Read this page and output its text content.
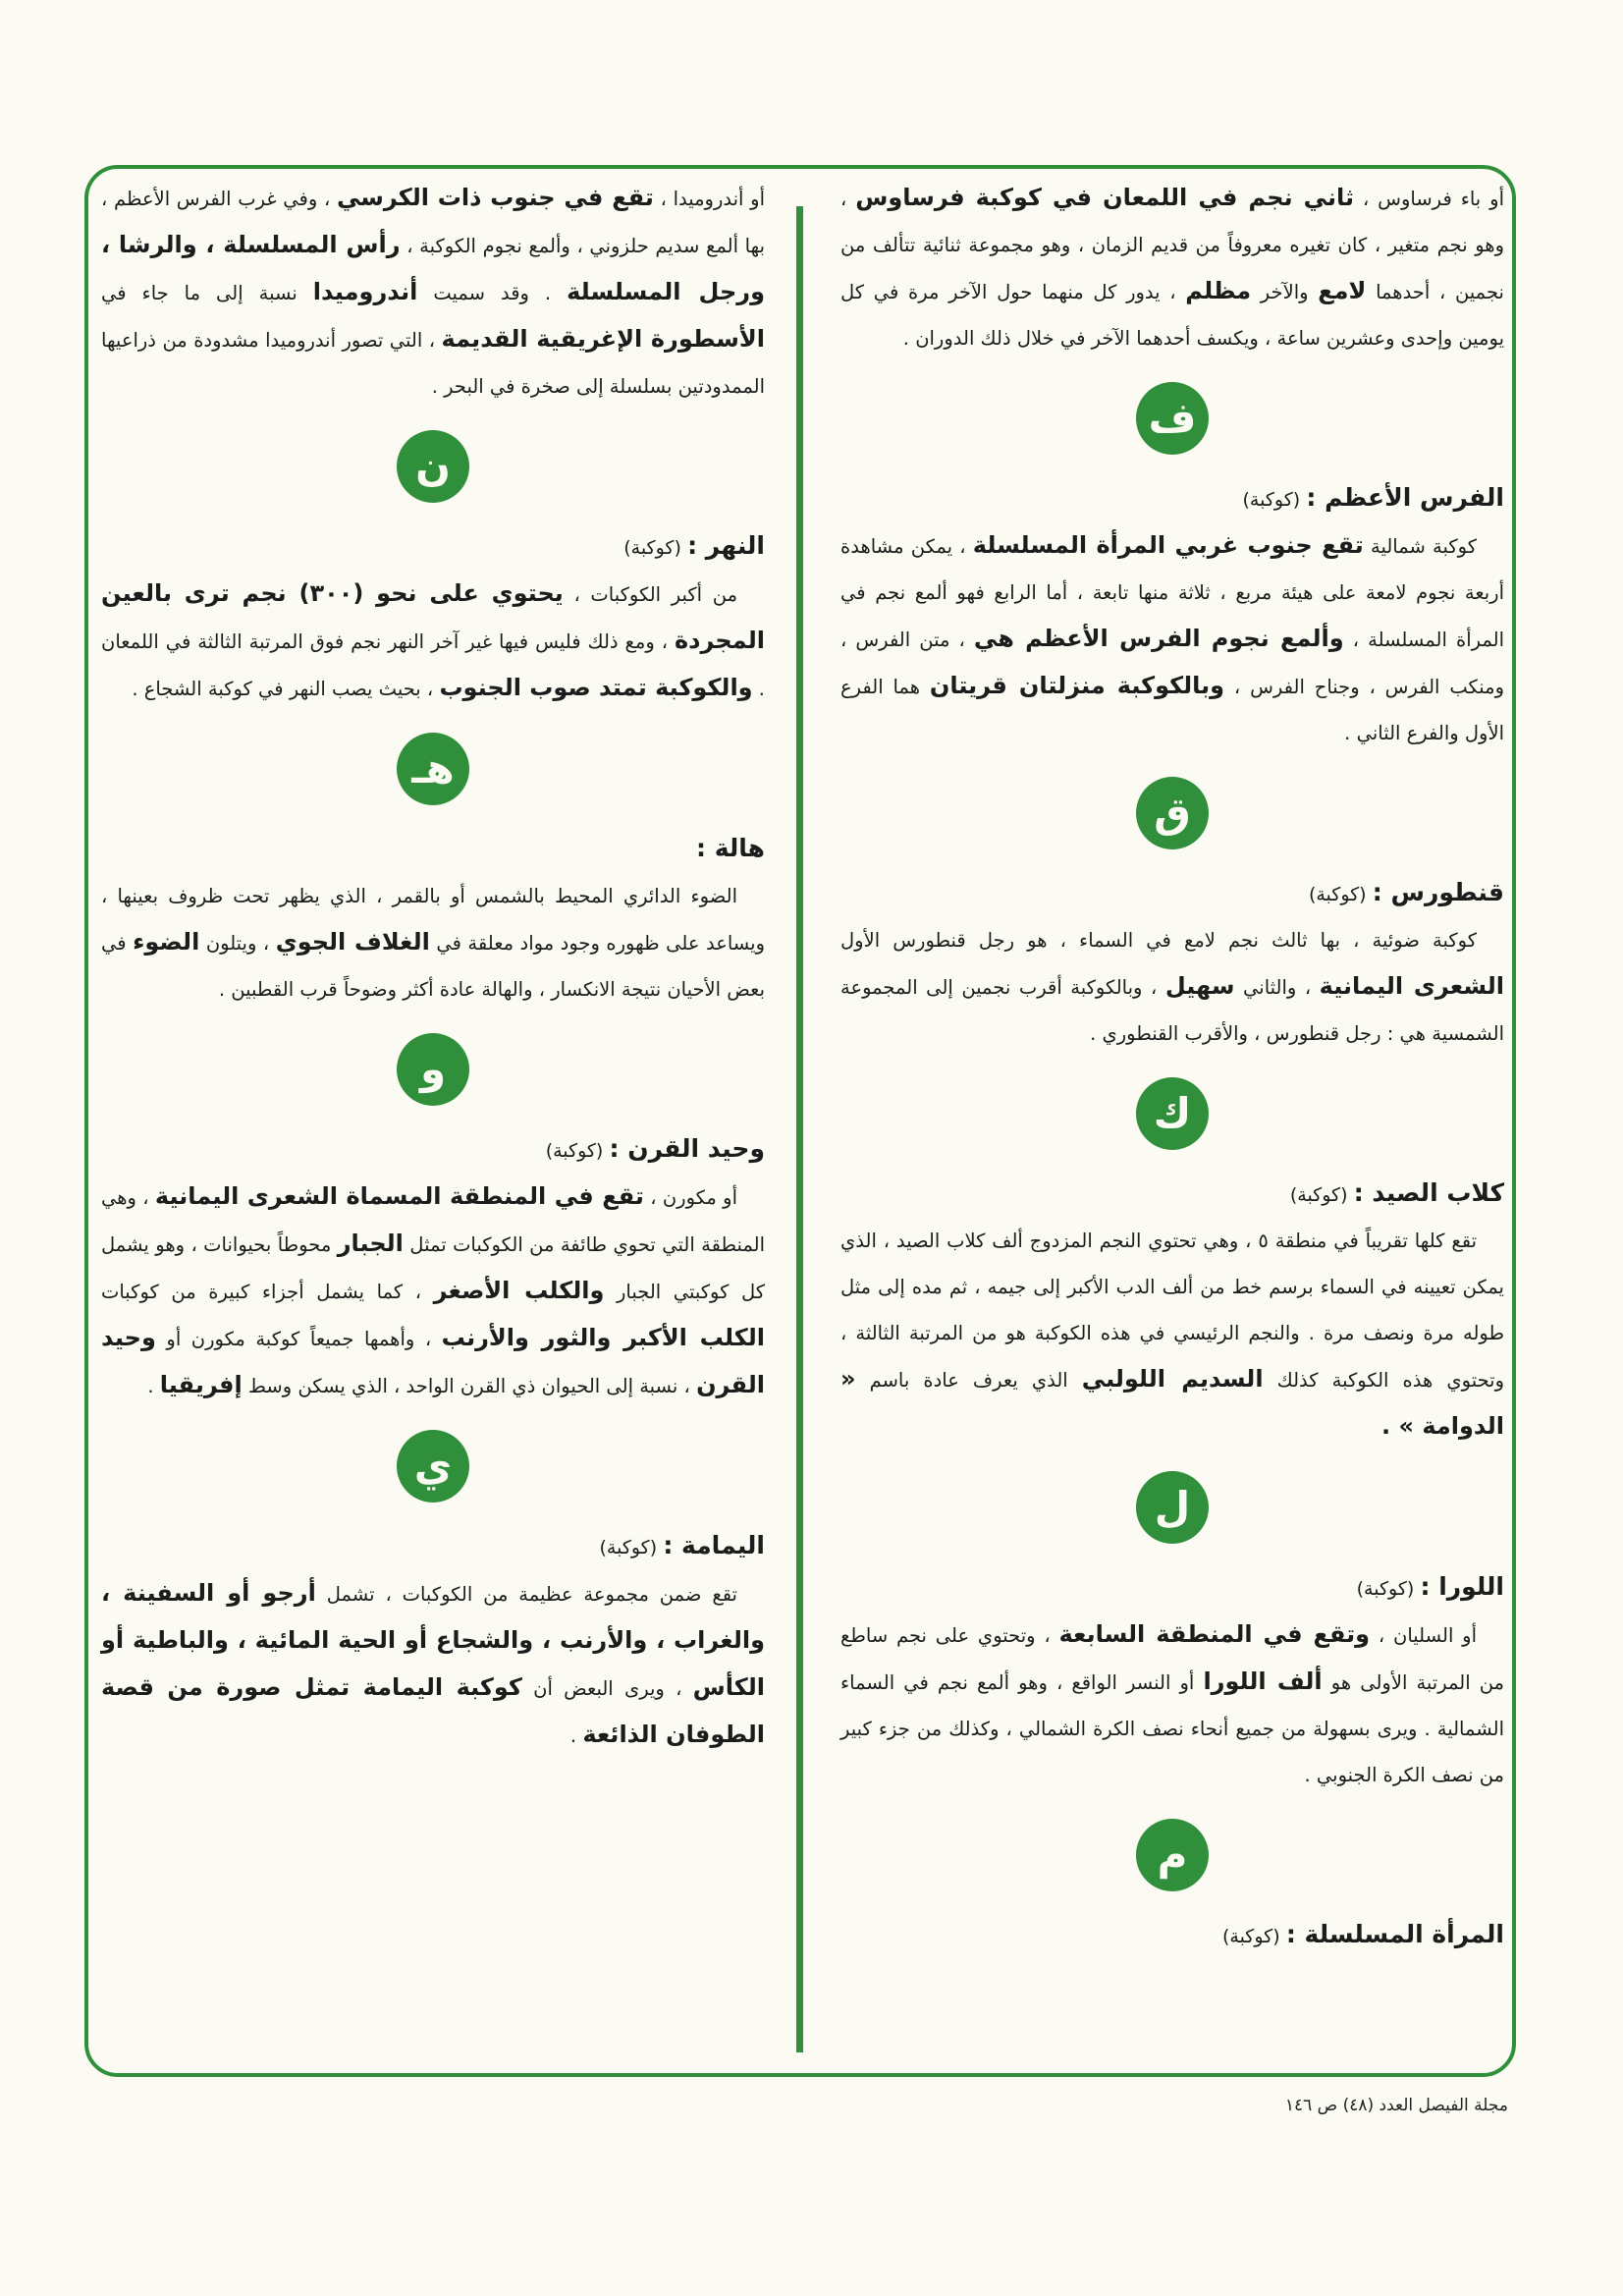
أو باء فرساوس ، ثاني نجم في اللمعان في كوكبة فرساوس ، وهو نجم متغير ، كان تغيره معروفاً من قديم الزمان ، وهو مجموعة ثنائية تتألف من نجمين ، أحدهما لامع والآخر مظلم ، يدور كل منهما حول الآخر مرة في كل يومين وإحدى وعشرين ساعة ، ويكسف أحدهما الآخر في خلال ذلك الدوران .

ف
الفرس الأعظم : (كوكبة)

كوكبة شمالية تقع جنوب غربي المرأة المسلسلة ، يمكن مشاهدة أربعة نجوم لامعة على هيئة مربع ، ثلاثة منها تابعة ، أما الرابع فهو ألمع نجم في المرأة المسلسلة ، وألمع نجوم الفرس الأعظم هي ، متن الفرس ، ومنكب الفرس ، وجناح الفرس ، وبالكوكبة منزلتان قريتان هما الفرع الأول والفرع الثاني .

ق
قنطورس : (كوكبة)

كوكبة ضوئية ، بها ثالث نجم لامع في السماء ، هو رجل قنطورس الأول الشعرى اليمانية ، والثاني سهيل ، وبالكوكبة أقرب نجمين إلى المجموعة الشمسية هي : رجل قنطورس ، والأقرب القنطوري .

ك
كلاب الصيد : (كوكبة)

تقع كلها تقريباً في منطقة ٥ ، وهي تحتوي النجم المزدوج ألف كلاب الصيد ، الذي يمكن تعيينه في السماء برسم خط من ألف الدب الأكبر إلى جيمه ، ثم مده إلى مثل طوله مرة ونصف مرة . والنجم الرئيسي في هذه الكوكبة هو من المرتبة الثالثة ، وتحتوي هذه الكوكبة كذلك السديم اللولبي الذي يعرف عادة باسم « الدوامة » .

ل
اللورا : (كوكبة)

أو السليان ، وتقع في المنطقة السابعة ، وتحتوي على نجم ساطع من المرتبة الأولى هو ألف اللورا أو النسر الواقع ، وهو ألمع نجم في السماء الشمالية . ويرى بسهولة من جميع أنحاء نصف الكرة الشمالي ، وكذلك من جزء كبير من نصف الكرة الجنوبي .

م
المرأة المسلسلة : (كوكبة)

أو أندروميدا ، تقع في جنوب ذات الكرسي ، وفي غرب الفرس الأعظم ، بها ألمع سديم حلزوني ، وألمع نجوم الكوكبة ، رأس المسلسلة ، والرشا ، ورجل المسلسلة . وقد سميت أندروميدا نسبة إلى ما جاء في الأسطورة الإغريقية القديمة ، التي تصور أندروميدا مشدودة من ذراعيها الممدودتين بسلسلة إلى صخرة في البحر .

ن
النهر : (كوكبة)

من أكبر الكوكبات ، يحتوي على نحو (٣٠٠) نجم ترى بالعين المجردة ، ومع ذلك فليس فيها غير آخر النهر نجم فوق المرتبة الثالثة في اللمعان . والكوكبة تمتد صوب الجنوب ، بحيث يصب النهر في كوكبة الشجاع .

هـ
هالة :

الضوء الدائري المحيط بالشمس أو بالقمر ، الذي يظهر تحت ظروف بعينها ، ويساعد على ظهوره وجود مواد معلقة في الغلاف الجوي ، ويتلون الضوء في بعض الأحيان نتيجة الانكسار ، والهالة عادة أكثر وضوحاً قرب القطبين .

و
وحيد القرن : (كوكبة)

أو مكورن ، تقع في المنطقة المسماة الشعرى اليمانية ، وهي المنطقة التي تحوي طائفة من الكوكبات تمثل الجبار محوطاً بحيوانات ، وهو يشمل كل كوكبتي الجبار والكلب الأصغر ، كما يشمل أجزاء كبيرة من كوكبات الكلب الأكبر والثور والأرنب ، وأهمها جميعاً كوكبة مكورن أو وحيد القرن ، نسبة إلى الحيوان ذي القرن الواحد ، الذي يسكن وسط إفريقيا .

ي
اليمامة : (كوكبة)

تقع ضمن مجموعة عظيمة من الكوكبات ، تشمل أرجو أو السفينة ، والغراب ، والأرنب ، والشجاع أو الحية المائية ، والباطية أو الكأس ، ويرى البعض أن كوكبة اليمامة تمثل صورة من قصة الطوفان الذائعة .

مجلة الفيصل العدد (٤٨) ص ١٤٦
